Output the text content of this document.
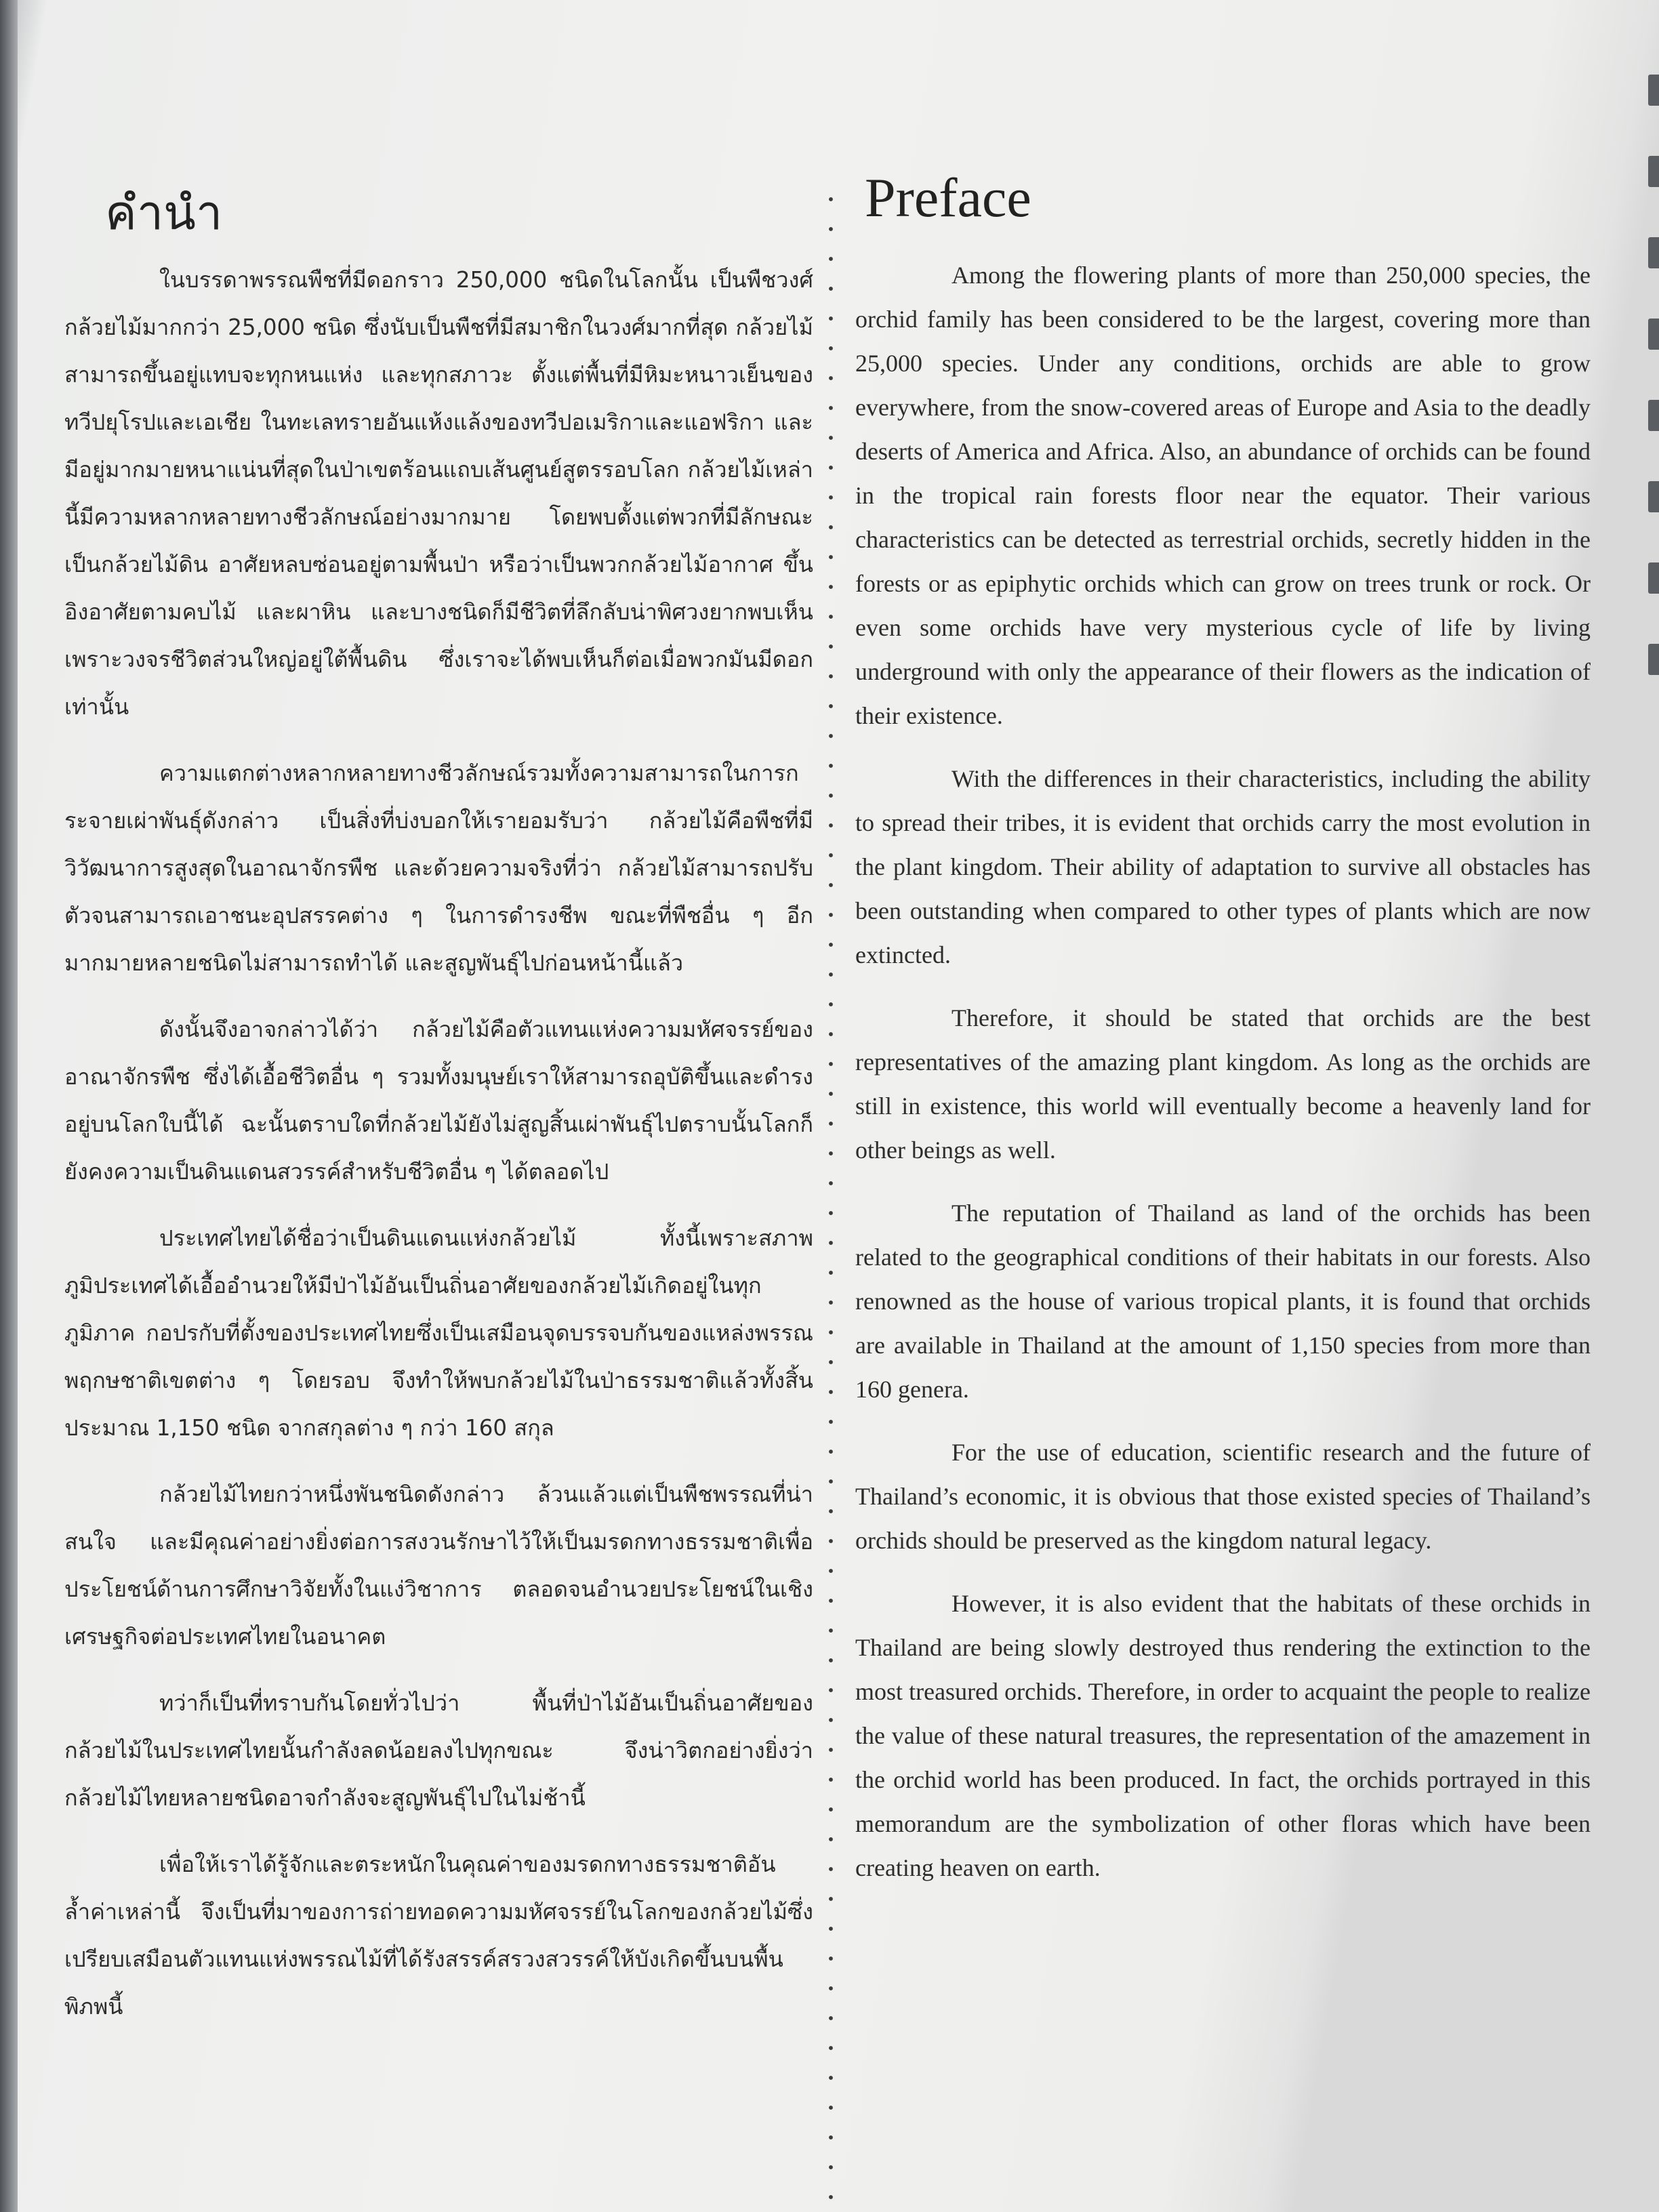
คำนำ

ในบรรดาพรรณพืชที่มีดอกราว 250,000 ชนิดในโลกนั้น เป็นพืชวงศ์กล้วยไม้มากกว่า 25,000 ชนิด ซึ่งนับเป็นพืชที่มีสมาชิกในวงศ์มากที่สุด กล้วยไม้สามารถขึ้นอยู่แทบจะทุกหนแห่ง และทุกสภาวะ ตั้งแต่พื้นที่มีหิมะหนาวเย็นของทวีปยุโรปและเอเชีย ในทะเลทรายอันแห้งแล้งของทวีปอเมริกาและแอฟริกา และมีอยู่มากมายหนาแน่นที่สุดในป่าเขตร้อนแถบเส้นศูนย์สูตรรอบโลก กล้วยไม้เหล่านี้มีความหลากหลายทางชีวลักษณ์อย่างมากมาย โดยพบตั้งแต่พวกที่มีลักษณะเป็นกล้วยไม้ดิน อาศัยหลบซ่อนอยู่ตามพื้นป่า หรือว่าเป็นพวกกล้วยไม้อากาศ ขึ้นอิงอาศัยตามคบไม้ และผาหิน และบางชนิดก็มีชีวิตที่ลึกลับน่าพิศวงยากพบเห็น เพราะวงจรชีวิตส่วนใหญ่อยู่ใต้พื้นดิน ซึ่งเราจะได้พบเห็นก็ต่อเมื่อพวกมันมีดอกเท่านั้น

ความแตกต่างหลากหลายทางชีวลักษณ์รวมทั้งความสามารถในการกระจายเผ่าพันธุ์ดังกล่าว เป็นสิ่งที่บ่งบอกให้เรายอมรับว่า กล้วยไม้คือพืชที่มีวิวัฒนาการสูงสุดในอาณาจักรพืช และด้วยความจริงที่ว่า กล้วยไม้สามารถปรับตัวจนสามารถเอาชนะอุปสรรคต่าง ๆ ในการดำรงชีพ ขณะที่พืชอื่น ๆ อีกมากมายหลายชนิดไม่สามารถทำได้ และสูญพันธุ์ไปก่อนหน้านี้แล้ว

ดังนั้นจึงอาจกล่าวได้ว่า กล้วยไม้คือตัวแทนแห่งความมหัศจรรย์ของอาณาจักรพืช ซึ่งได้เอื้อชีวิตอื่น ๆ รวมทั้งมนุษย์เราให้สามารถอุบัติขึ้นและดำรงอยู่บนโลกใบนี้ได้ ฉะนั้นตราบใดที่กล้วยไม้ยังไม่สูญสิ้นเผ่าพันธุ์ไปตราบนั้นโลกก็ยังคงความเป็นดินแดนสวรรค์สำหรับชีวิตอื่น ๆ ได้ตลอดไป

ประเทศไทยได้ชื่อว่าเป็นดินแดนแห่งกล้วยไม้ ทั้งนี้เพราะสภาพภูมิประเทศได้เอื้ออำนวยให้มีป่าไม้อันเป็นถิ่นอาศัยของกล้วยไม้เกิดอยู่ในทุกภูมิภาค กอปรกับที่ตั้งของประเทศไทยซึ่งเป็นเสมือนจุดบรรจบกันของแหล่งพรรณพฤกษชาติเขตต่าง ๆ โดยรอบ จึงทำให้พบกล้วยไม้ในป่าธรรมชาติแล้วทั้งสิ้นประมาณ 1,150 ชนิด จากสกุลต่าง ๆ กว่า 160 สกุล

กล้วยไม้ไทยกว่าหนึ่งพันชนิดดังกล่าว ล้วนแล้วแต่เป็นพืชพรรณที่น่าสนใจ และมีคุณค่าอย่างยิ่งต่อการสงวนรักษาไว้ให้เป็นมรดกทางธรรมชาติเพื่อประโยชน์ด้านการศึกษาวิจัยทั้งในแง่วิชาการ ตลอดจนอำนวยประโยชน์ในเชิงเศรษฐกิจต่อประเทศไทยในอนาคต

ทว่าก็เป็นที่ทราบกันโดยทั่วไปว่า พื้นที่ป่าไม้อันเป็นถิ่นอาศัยของกล้วยไม้ในประเทศไทยนั้นกำลังลดน้อยลงไปทุกขณะ จึงน่าวิตกอย่างยิ่งว่ากล้วยไม้ไทยหลายชนิดอาจกำลังจะสูญพันธุ์ไปในไม่ช้านี้

เพื่อให้เราได้รู้จักและตระหนักในคุณค่าของมรดกทางธรรมชาติอันล้ำค่าเหล่านี้ จึงเป็นที่มาของการถ่ายทอดความมหัศจรรย์ในโลกของกล้วยไม้ซึ่งเปรียบเสมือนตัวแทนแห่งพรรณไม้ที่ได้รังสรรค์สรวงสวรรค์ให้บังเกิดขึ้นบนพื้นพิภพนี้

Preface

Among the flowering plants of more than 250,000 species, the orchid family has been considered to be the largest, covering more than 25,000 species. Under any conditions, orchids are able to grow everywhere, from the snow-covered areas of Europe and Asia to the deadly deserts of America and Africa. Also, an abundance of orchids can be found in the tropical rain forests floor near the equator. Their various characteristics can be detected as terrestrial orchids, secretly hidden in the forests or as epiphytic orchids which can grow on trees trunk or rock. Or even some orchids have very mysterious cycle of life by living underground with only the appearance of their flowers as the indication of their existence.

With the differences in their characteristics, including the ability to spread their tribes, it is evident that orchids carry the most evolution in the plant kingdom. Their ability of adaptation to survive all obstacles has been outstanding when compared to other types of plants which are now extincted.

Therefore, it should be stated that orchids are the best representatives of the amazing plant kingdom. As long as the orchids are still in existence, this world will eventually become a heavenly land for other beings as well.

The reputation of Thailand as land of the orchids has been related to the geographical conditions of their habitats in our forests. Also renowned as the house of various tropical plants, it is found that orchids are available in Thailand at the amount of 1,150 species from more than 160 genera.

For the use of education, scientific research and the future of Thailand’s economic, it is obvious that those existed species of Thailand’s orchids should be preserved as the kingdom natural legacy.

However, it is also evident that the habitats of these orchids in Thailand are being slowly destroyed thus rendering the extinction to the most treasured orchids. Therefore, in order to acquaint the people to realize the value of these natural treasures, the representation of the amazement in the orchid world has been produced. In fact, the orchids portrayed in this memorandum are the symbolization of other floras which have been creating heaven on earth.
